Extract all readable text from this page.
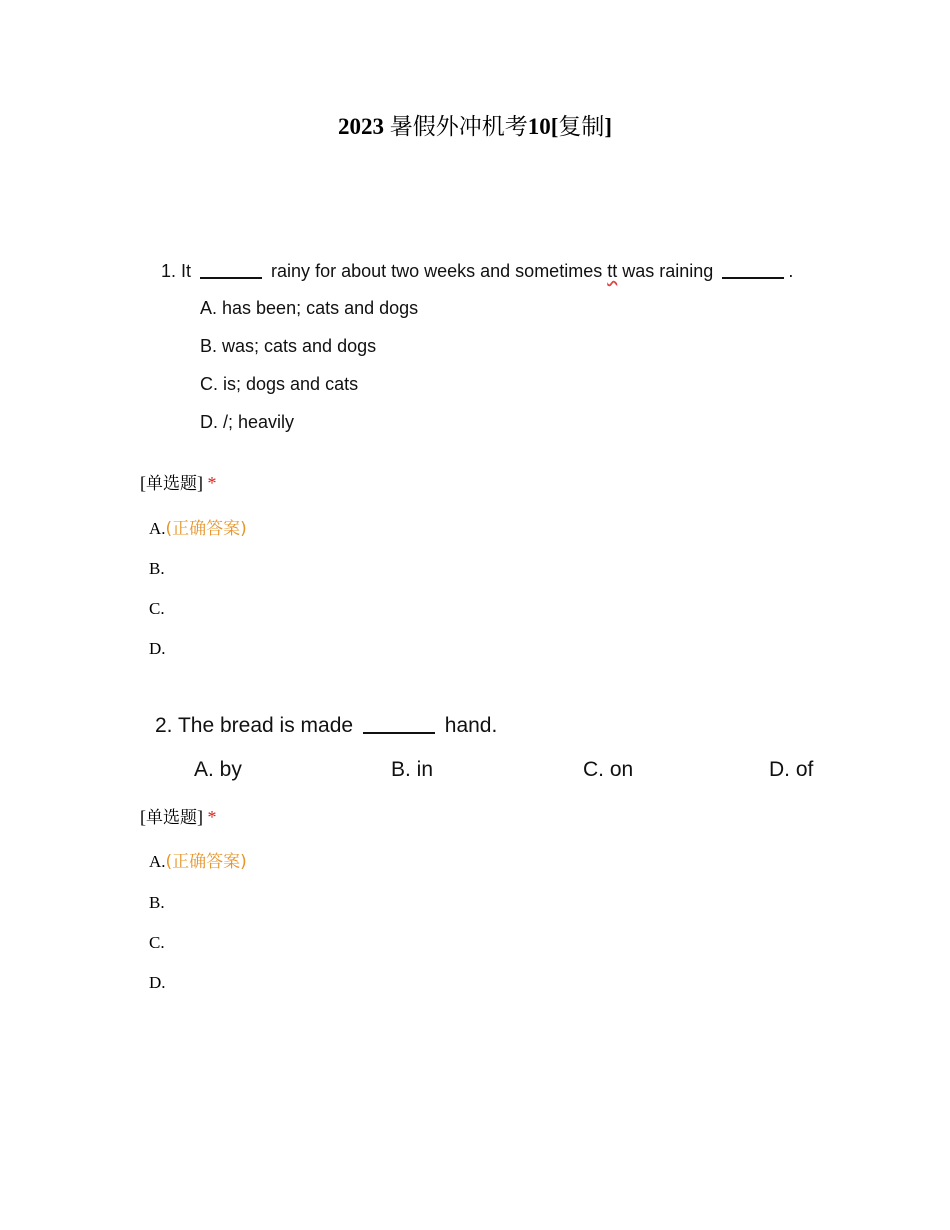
2023 暑假外冲机考10[复制]
1. It	rainy for about two weeks and sometimes tt was raining	.
A. has been; cats and dogs
B. was; cats and dogs
C. is; dogs and cats
D. /; heavily
[单选题] *
A.(正确答案)
B.
C.
D.
2. The bread is made	hand.
A. by	B. in	C. on	D. of
[单选题] *
A.(正确答案)
B.
C.
D.
